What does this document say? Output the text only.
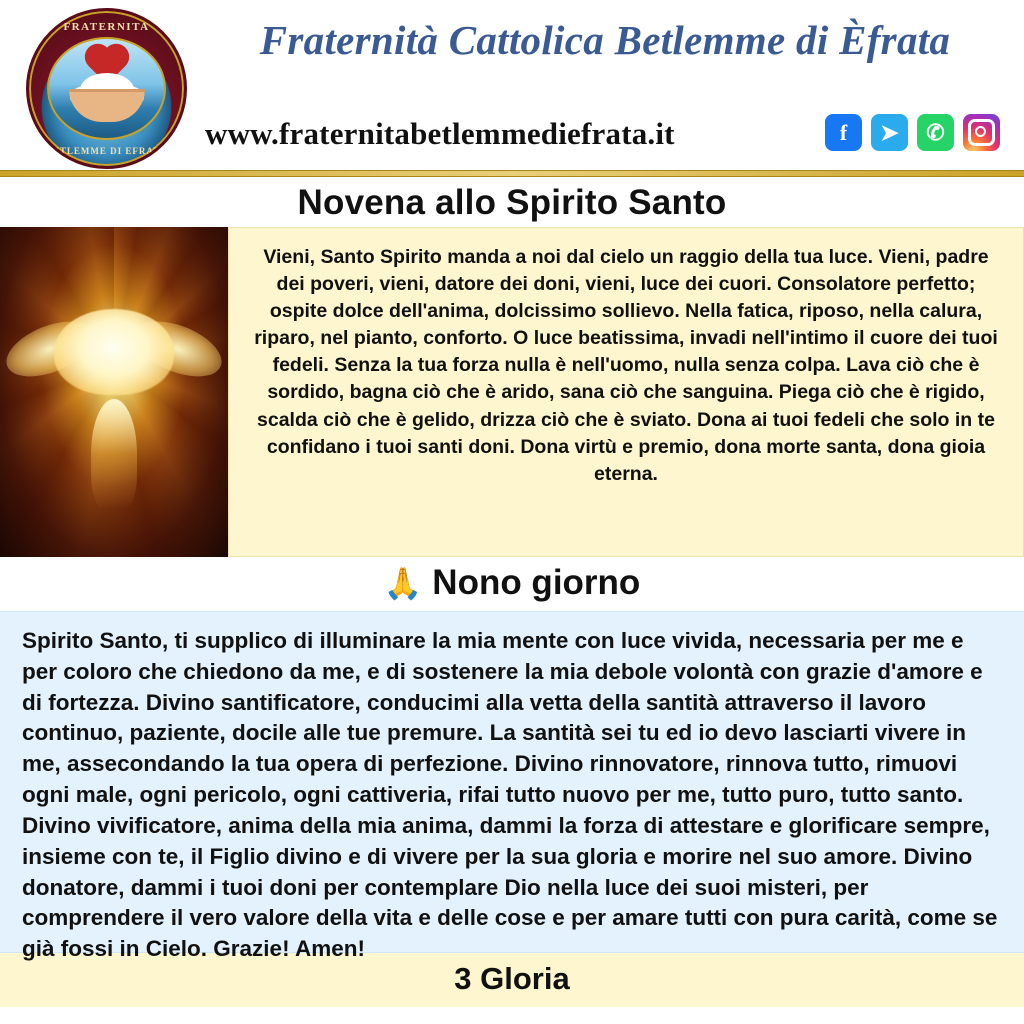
FRATERNITA
BETLEMME DI EFRATA
Fraternità Cattolica Betlemme di Èfrata
www.fraternitabetlemmediefrata.it	f	➤	✆
Novena allo Spirito Santo

Vieni, Santo Spirito manda a noi dal cielo un raggio della tua luce. Vieni, padre dei poveri, vieni, datore dei doni, vieni, luce dei cuori. Consolatore perfetto; ospite dolce dell'anima, dolcissimo sollievo. Nella fatica, riposo, nella calura, riparo, nel pianto, conforto. O luce beatissima, invadi nell'intimo il cuore dei tuoi fedeli. Senza la tua forza nulla è nell'uomo, nulla senza colpa. Lava ciò che è sordido, bagna ciò che è arido, sana ciò che sanguina. Piega ciò che è rigido, scalda ciò che è gelido, drizza ciò che è sviato. Dona ai tuoi fedeli che solo in te confidano i tuoi santi doni. Dona virtù e premio, dona morte santa, dona gioia eterna.

🙏 Nono giorno

Spirito Santo, ti supplico di illuminare la mia mente con luce vivida, necessaria per me e per coloro che chiedono da me, e di sostenere la mia debole volontà con grazie d'amore e di fortezza. Divino santificatore, conducimi alla vetta della santità attraverso il lavoro continuo, paziente, docile alle tue premure. La santità sei tu ed io devo lasciarti vivere in me, assecondando la tua opera di perfezione. Divino rinnovatore, rinnova tutto, rimuovi ogni male, ogni pericolo, ogni cattiveria, rifai tutto nuovo per me, tutto puro, tutto santo. Divino vivificatore, anima della mia anima, dammi la forza di attestare e glorificare sempre, insieme con te, il Figlio divino e di vivere per la sua gloria e morire nel suo amore. Divino donatore, dammi i tuoi doni per contemplare Dio nella luce dei suoi misteri, per comprendere il vero valore della vita e delle cose e per amare tutti con pura carità, come se già fossi in Cielo. Grazie! Amen!

3 Gloria
